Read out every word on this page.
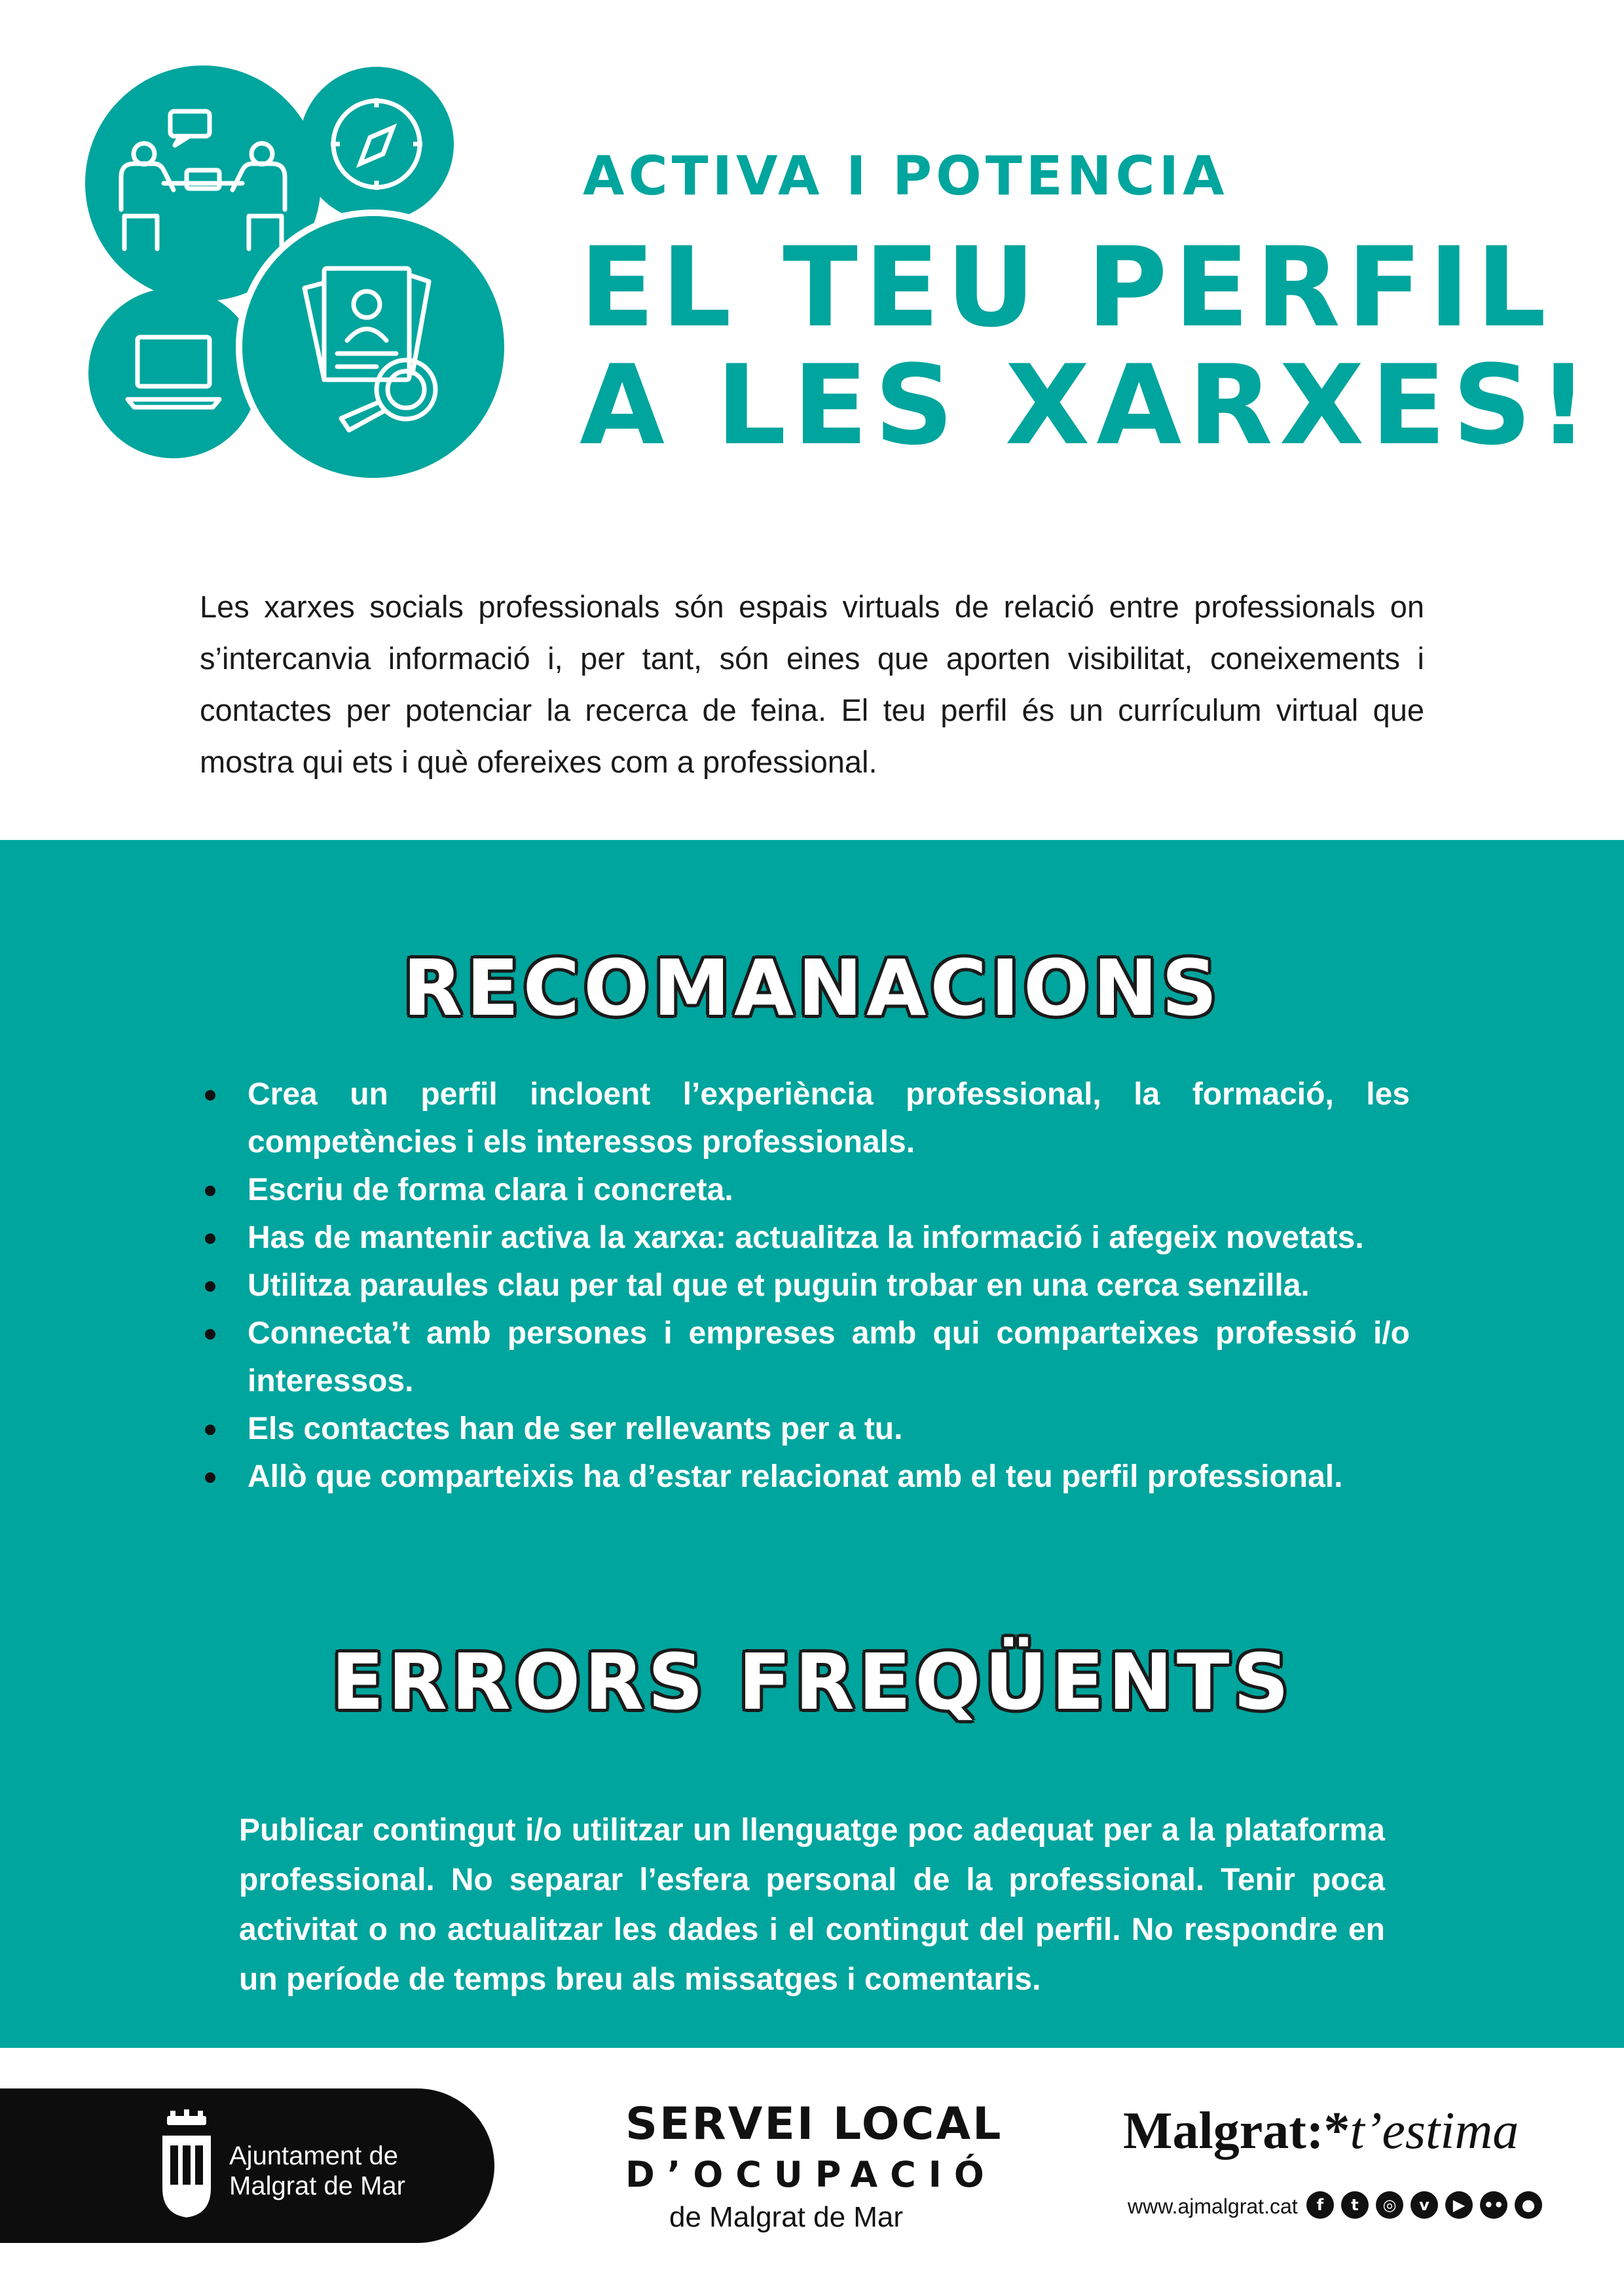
ACTIVA I POTENCIA
EL TEU PERFIL
A LES XARXES!

Les xarxes socials professionals són espais virtuals de relació entre professionals on s’intercanvia informació i, per tant, són eines que aporten visibilitat, coneixements i contactes per potenciar la recerca de feina. El teu perfil és un currículum virtual que mostra qui ets i què ofereixes com a professional.

RECOMANACIONS
Crea un perfil incloent l’experiència professional, la formació, les competències i els interessos professionals.
Escriu de forma clara i concreta.
Has de mantenir activa la xarxa: actualitza la informació i afegeix novetats.
Utilitza paraules clau per tal que et puguin trobar en una cerca senzilla.
Connecta’t amb persones i empreses amb qui comparteixes professió i/o interessos.
Els contactes han de ser rellevants per a tu.
Allò que comparteixis ha d’estar relacionat amb el teu perfil professional.
ERRORS FREQÜENTS

Publicar contingut i/o utilitzar un llenguatge poc adequat per a la plataforma professional. No separar l’esfera personal de la professional. Tenir poca activitat o no actualitzar les dades i el contingut del perfil. No respondre en un període de temps breu als missatges i comentaris.

Ajuntament de
Malgrat de Mar
SERVEI LOCAL
D’OCUPACIÓ
de Malgrat de Mar
Malgrat:*t’estima
www.ajmalgrat.cat	f	t	◎	v	▶	••	●
